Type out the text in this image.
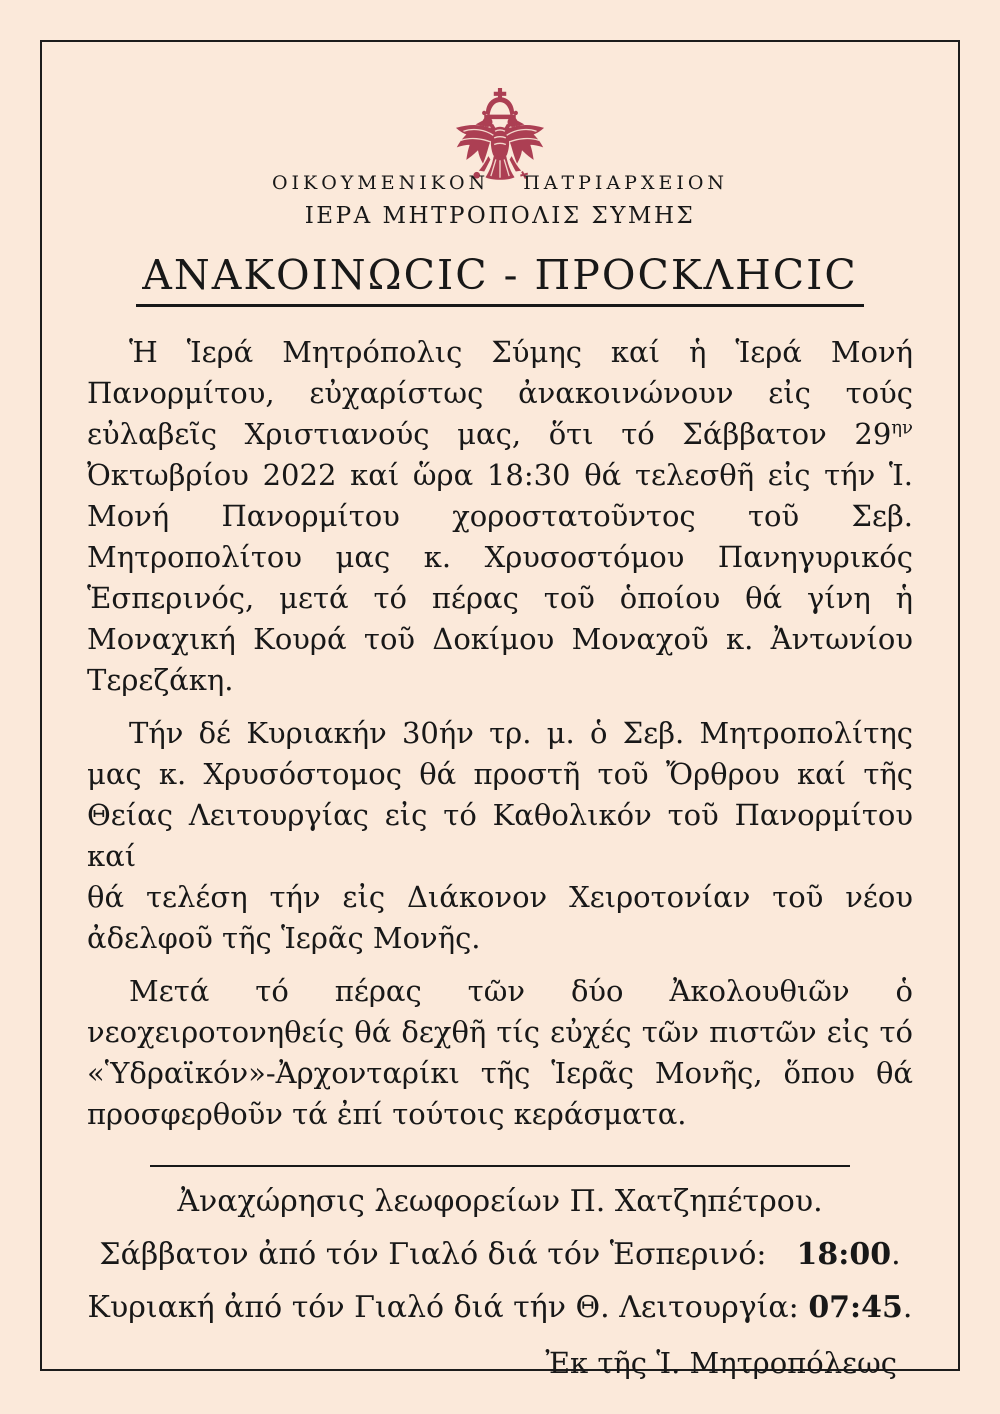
ΟΙΚΟΥΜΕΝΙΚΟΝ ΠΑΤΡΙΑΡΧΕΙΟΝ
ΙΕΡΑ ΜΗΤΡΟΠΟΛΙΣ ΣΥΜΗΣ
ΑΝΑΚΟΙΝΩCΙC - ΠΡΟCΚΛΗCΙC
Ἡ Ἱερά Μητρόπολις Σύμης καί ἡ Ἱερά Μονή
Πανορμίτου, εὐχαρίστως ἀνακοινώνουν εἰς τούς
εὐλαβεῖς Χριστιανούς μας, ὅτι τό Σάββατον $29^{\eta\nu}$
Ὀκτωβρίου 2022 καί ὥρα 18:30 θά τελεσθῆ εἰς τήν Ἱ.
Μονή Πανορμίτου χοροστατοῦντος τοῦ Σεβ.
Μητροπολίτου μας κ. Χρυσοστόμου Πανηγυρικός
Ἑσπερινός, μετά τό πέρας τοῦ ὁποίου θά γίνη ἡ
Μοναχική Κουρά τοῦ Δοκίμου Μοναχοῦ κ. Ἀντωνίου
Τερεζάκη.
Τήν δέ Κυριακήν 30ήν τρ. μ. ὁ Σεβ. Μητροπολίτης
μας κ. Χρυσόστομος θά προστῆ τοῦ Ὄρθρου καί τῆς
Θείας Λειτουργίας εἰς τό Καθολικόν τοῦ Πανορμίτου καί
θά τελέση τήν εἰς Διάκονον Χειροτονίαν τοῦ νέου
ἀδελφοῦ τῆς Ἱερᾶς Μονῆς.
Μετά τό πέρας τῶν δύο Ἀκολουθιῶν ὁ
νεοχειροτονηθείς θά δεχθῆ τίς εὐχές τῶν πιστῶν εἰς τό
«Ὑδραϊκόν»-Ἀρχονταρίκι τῆς Ἱερᾶς Μονῆς, ὅπου θά
προσφερθοῦν τά ἐπί τούτοις κεράσματα.
Ἀναχώρησις λεωφορείων Π. Χατζηπέτρου.
Σάββατον ἀπό τόν Γιαλό διά τόν Ἑσπερινό: 18:00.
Κυριακή ἀπό τόν Γιαλό διά τήν Θ. Λειτουργία: 07:45.
Ἐκ τῆς Ἱ. Μητροπόλεως
